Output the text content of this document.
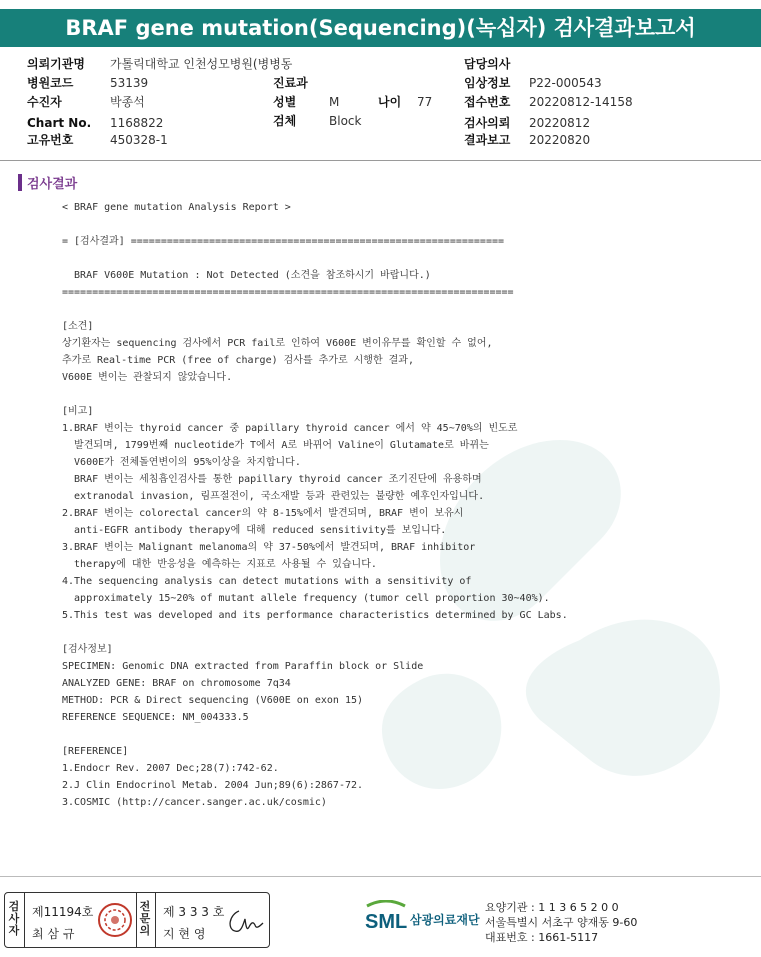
BRAF gene mutation(Sequencing)(녹십자) 검사결과보고서
의뢰기관명 가톨릭대학교 인천성모병원(병병동
병원코드	53139
수진자	박종석
Chart No. 1168822
고유번호	450328-1
진료과
성별	M	나이 77
검체	Block
담당의사
임상정보 P22-000543
접수번호 20220812-14158
검사의뢰 20220812
결과보고 20220820
검사결과
< BRAF gene mutation Analysis Report >
= [검사결과] ==============================================================
BRAF V600E Mutation : Not Detected (소견을 참조하시기 바랍니다.)
===========================================================================
[소견]
상기환자는 sequencing 검사에서 PCR fail로 인하여 V600E 변이유무를 확인할 수 없어,
추가로 Real-time PCR (free of charge) 검사를 추가로 시행한 결과,
V600E 변이는 관찰되지 않았습니다.
[비고]
1.BRAF 변이는 thyroid cancer 중 papillary thyroid cancer 에서 약 45~70%의 빈도로
발견되며, 1799번째 nucleotide가 T에서 A로 바뀌어 Valine이 Glutamate로 바뀌는
V600E가 전체돌연변이의 95%이상을 차지합니다.
BRAF 변이는 세침흡인검사를 통한 papillary thyroid cancer 조기진단에 유용하며
extranodal invasion, 림프절전이, 국소재발 등과 관련있는 불량한 예후인자입니다.
2.BRAF 변이는 colorectal cancer의 약 8-15%에서 발견되며, BRAF 변이 보유시
anti-EGFR antibody therapy에 대해 reduced sensitivity를 보입니다.
3.BRAF 변이는 Malignant melanoma의 약 37-50%에서 발견되며, BRAF inhibitor
therapy에 대한 반응성을 예측하는 지표로 사용될 수 있습니다.
4.The sequencing analysis can detect mutations with a sensitivity of
approximately 15~20% of mutant allele frequency (tumor cell proportion 30~40%).
5.This test was developed and its performance characteristics determined by GC Labs.
[검사정보]
SPECIMEN: Genomic DNA extracted from Paraffin block or Slide
ANALYZED GENE: BRAF on chromosome 7q34
METHOD: PCR & Direct sequencing (V600E on exon 15)
REFERENCE SEQUENCE: NM_004333.5
[REFERENCE]
1.Endocr Rev. 2007 Dec;28(7):742-62.
2.J Clin Endocrinol Metab. 2004 Jun;89(6):2867-72.
3.COSMIC (http://cancer.sanger.ac.uk/cosmic)
검
사
자
제11194호
최 삼 규
전
문
의
제 3 3 3 호
지 현 영
SML 삼광의료재단
요양기관 : 1 1 3 6 5 2 0 0
서울특별시 서초구 양재동 9-60
대표번호 : 1661-5117
